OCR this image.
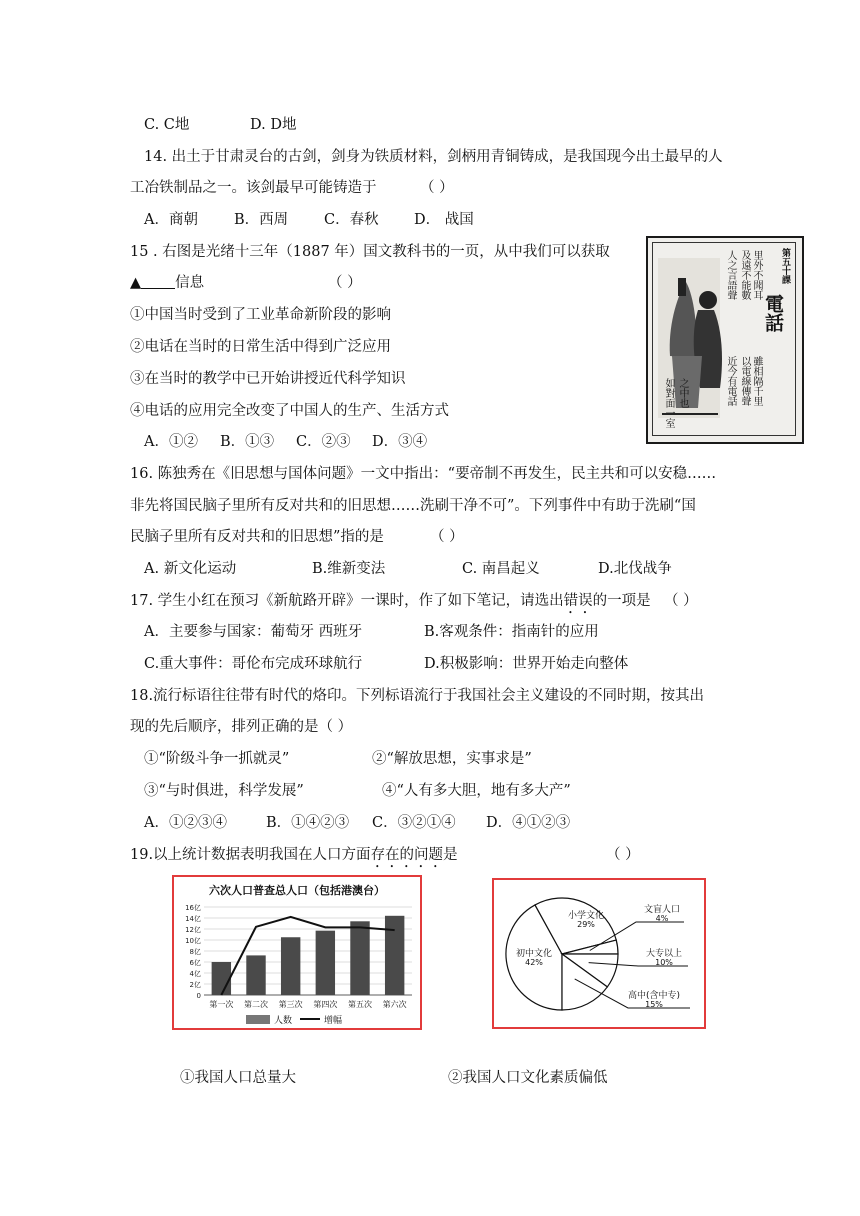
C. C地	D. D地
14. 出土于甘肃灵台的古剑，剑身为铁质材料，剑柄用青铜铸成，是我国现今出土最早的人
工冶铁制品之一。该剑最早可能铸造于	（ ）
A．商朝 B．西周 C．春秋 D． 战国
15 . 右图是光绪十三年（1887 年）国文教科书的一页，从中我们可以获取
▲ 信息	（ ）
①中国当时受到了工业革命新阶段的影响
②电话在当时的日常生活中得到广泛应用
③在当时的教学中已开始讲授近代科学知识
④电话的应用完全改变了中国人的生产、生活方式
A．①② B．①③ C．②③ D．③④
第五十課
電話
人之言語聲 及遠不能數 里外不聞耳
近今有電話 以電線傳聲 雖相隔千里
如對面一室 之中也
16. 陈独秀在《旧思想与国体问题》一文中指出：“要帝制不再发生，民主共和可以安稳……
非先将国民脑子里所有反对共和的旧思想……洗刷干净不可”。下列事件中有助于洗刷“国
民脑子里所有反对共和的旧思想”指的是	（ ）
A. 新文化运动	B.维新变法	C. 南昌起义	D.北伐战争
17. 学生小红在预习《新航路开辟》一课时，作了如下笔记，请选出错误的一项是 （ ）
A．主要参与国家：葡萄牙 西班牙	B.客观条件：指南针的应用
C.重大事件：哥伦布完成环球航行	D.积极影响：世界开始走向整体
18.流行标语往往带有时代的烙印。下列标语流行于我国社会主义建设的不同时期，按其出
现的先后顺序，排列正确的是（ ）
①“阶级斗争一抓就灵”	②“解放思想，实事求是”
③“与时俱进，科学发展”	④“人有多大胆，地有多大产”
A．①②③④	B．①④②③ C．③②①④ D．④①②③
19.以上统计数据表明我国在人口方面存在的问题是	（ ）
六次人口普查总人口（包括港澳台）
0
2亿
4亿
6亿
8亿
10亿
12亿
14亿
16亿
第一次 第二次 第三次 第四次 第五次 第六次
人数	增幅
初中文化
42%
小学文化
29%
文盲人口
4%
大专以上
10%
高中(含中专)
15%
①我国人口总量大	②我国人口文化素质偏低
